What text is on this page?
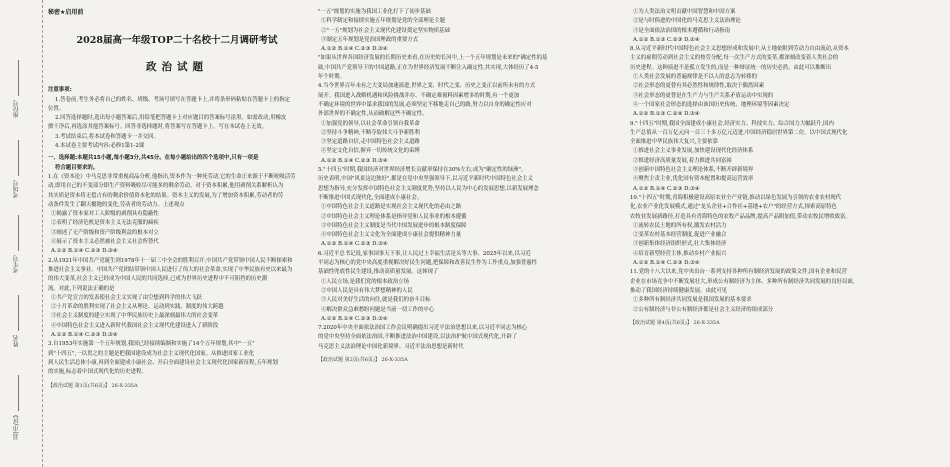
座位号
考场号
考生号
姓名
县(市/区)

秘密★启用前

2028届高一年级TOP二十名校十二月调研考试

政治试题

注意事项:

1.答卷前,考生务必将自己的姓名、班级、考场号填写在答题卡上,并将条形码粘贴在答题卡上的指定

位置。

2.回答选择题时,选出每小题答案后,用铅笔把答题卡上对应题目的答案标号涂黑。如需改动,用橡皮

擦干净后,再选涂其他答案标号。回答非选择题时,将答案写在答题卡上。写在本试卷上无效。

3.考试结束后,将本试卷和答题卡一并交回。

4.本试卷主要考试内容:必修1第1-2课

一、选择题:本题共15小题,每小题3分,共45分。在每小题给出的四个选项中,只有一项是

符合题目要求的。

1.在《资本论》中马克思非常重视商品分析,他指出,资本作为一种死劳动,它的生命正来源于不断吮吸活劳

动,即用自己的不变部分即生产资料吸收尽可能多的剩余劳动。对于资本积累,他用剥削关系解析认为

其实质是资本将无偿占有的剩余价值资本化的结果。资本主义的发展,为了增加资本积累,劳动者的劳

动条件发生了翻天覆地的变化,劳动者的劳动力。上述观点

①揭露了资本家对工人阶级的剥削具有隐蔽性

②表明了经济危机是资本主义无法克服的痼疾

③阐述了无产阶级和资产阶级利益的根本对立

④展示了资本主义必然被社会主义社会所替代

A.①② B.①④ C.②③ D.③④

2.从1921年中国共产党诞生到1978年十一届三中全会的胜利召开,中国共产党带领中国人民不断探索和

推进社会主义事业。中国共产党团结带领中国人民进行了伟大的社会革命,实现了中华民族有史以来最为

的伟大变革,社会主义已经成为中国人民的共同选择,已成为世界历史进程中不可阻挡的历史潮

流。对此,下列说法正确的是

①共产党宣言的发表使社会主义实现了由空想到科学的伟大飞跃

②十月革命的胜利实现了社会主义从理论、运动到实践、制度的伟大跨越

③社会主义制度的建立实现了中华民族历史上最深刻最伟大的社会变革

④中国特色社会主义进入新时代我国社会主义现代化建设进入了新阶段

A.①② B.①④ C.②③ D.③④

3.自1953年实施第一个五年规划,我国已经接续编制和实施了14个五年规划,其中"一五"

到"十四五",一以贯之的主题是把我国建设成为社会主义现代化国家。从推进国家工业化

到人民生活总体小康,再到全面建成小康社会、开启全面建设社会主义现代化国家新征程,五年规划

的实施,标志着中国式现代化的历史进程。

【政治试题 第1页(共6页)】 26-X-335A

"一五"规划的实施为我国工业化打下了初步基础

①科学制定和接续实施五年规划是党的全部理论主题

②"一五"规划为社会主义现代化建设奠定坚实物质基础

③制定五年规划是党治国理政的重要方式

A.①② B.①④ C.②③ D.③④

"如果从世界各国经济发展的长期历史来看,在历史的长河中,上一个五年规划是未来的"确定性的基

础,中国共产党领导下的中国道路,正在为世界经济发展不断注入确定性,其实现,大体经历了4-5

年个时期。

4.当今世界百年未有之大变局加速演进,世界之变、时代之变、历史之变正以前所未有的方式

展开。我国进入战略机遇和风险挑战并存、不确定难预料因素增多的时期,有一个更加

不确定环境的世界中谋求我国的发展,必须坚定不移地走自己的路,努力以自身的确定性应对

外部世界的不确定性,从而破解这些不确定性。

①加强党的领导,以社会革命引领自我革命

②坚持斗争精神,不断夺取伟大斗争新胜利

③坚定道路自信,走中国特色社会主义道路

④坚定文化自信,摒弃一切传统文化的束缚

A.①② B.①④ C.②③ D.③④

5."十四五"时期,我国经济对世界经济增长贡献率保持在30%左右,成为"确定性的绿洲"。

历史表明,中国"风景这边独好",都是在党中央坚强领导下,以习近平新时代中国特色社会主义

思想为指导,充分发挥中国特色社会主义制度优势,坚持以人民为中心的发展思想,以新发展理念

不断推进中国式现代化,全面建成小康社会。

①中国特色社会主义道路是实现社会主义现代化的必由之路

②中国特色社会主义理论体系是指导党和人民事业的根本遵循

③中国特色社会主义制度是当代中国发展进步的根本制度保障

④中国特色社会主义文化为全面建成小康社会提供精神力量

A.①② B.①④ C.②③ D.③④

6.习近平总书记说,家事国事天下事,让人民过上幸福生活是头等大事。2025年以来,以习近

平同志为核心的党中央高度重视解决好民生问题,把保障和改善民生作为工作重点,加强普惠性

基础性兜底性民生建设,推动高质量发展。这体现了

①人民立场,是我们党的根本政治立场

②中国人民是具有伟大梦想精神的人民

③人民对美好生活的向往,就是我们的奋斗目标

④解决群众急难愁盼问题是当前一切工作的中心

A.①② B.①④ C.②③ D.③④

7.2020年中央全面依法治国工作会议明确提出习近平法治思想以来,以习近平同志为核心

的党中央坚持全面依法治国,不断推进法治中国建设,以法治护航中国式现代化,开辟了

马克思主义法治理论中国化新境界。习近平法治思想是新时代

【政治试题 第2页(共6页)】 26-X-335A

①为人类法治文明贡献中国智慧和中国方案

②是与时俱进的中国化的马克思主义法治理论

③是全面依法治国的根本遵循和行动指南

A.①② B.①③ C.②③ D.②④

8.从习近平新时代中国特色社会主义思想形成和发展中,从土地依附到劳动力自由流动,从资本

主义的雇佣劳动到社会主义的按劳分配,每一次生产方式的变革,都深刻改变着人类社会的

历史进程。这种演进不是孤立发生的,而是一种辩证统一的历史必然。由此可以推断出

①人类社会发展的普遍规律是不以人的意志为转移的

②社会形态的更替有其必然性和规律性,取决于偶然因素

③社会形态的更替是在生产力与生产关系矛盾运动中实现的

④一个国家社会形态的选择由该国历史传统、地理环境等因素决定

A.①② B.①③ C.②④ D.③④

9."十四五"时期,我国全面建成小康社会,经济实力、科技实力、综合国力大幅跃升,国内

生产总值从一百万亿元向一百三十多万亿元迈进,中国经济稳居世界第二位。以中国式现代化

全面推进中华民族伟大复兴,主要依靠

①推进社会主义事业发展,加快建设现代化经济体系

②推进经济高质量发展,着力推进共同富裕

③创新中国特色社会主义理论体系,不断开辟新境界

④聚焦主责主业,优化国有资本配置和提高运营效率

A.①② B.①④ C.②③ D.③④

10."十四五"时期,青海积极建设高原农业全产业链,推动以绿色发展为引领的农业农村现代

化,农业产业化发展模式,通过"龙头企业+合作社+基地+农户"的经营方式,探索高原特色

农牧业发展新路径,打造具有青海特色的农牧产品品牌,提高产品附加值,带动农牧民增收致富。

①流转农民土地的所有权,激发农村活力

②变革农村基本经营制度,促进产业融合

③创新集体经济组织形式,壮大集体经济

④培育新型经营主体,推动乡村产业振兴

A.①② B.①④ C.②③ D.③④

11.党的十八大以来,党中央出台一系列支持各种所有制经济发展的政策文件,国有企业和民营

企业在市场竞争中不断发展壮大,形成公有制经济为主体、多种所有制经济共同发展的良好局面,

推动了我国经济持续健康发展。由此可见

①多种所有制经济共同发展是我国发展的基本要求

②公有制经济与非公有制经济都是社会主义经济的组成部分

【政治试题 第4页(共6页)】 26-X-335A
